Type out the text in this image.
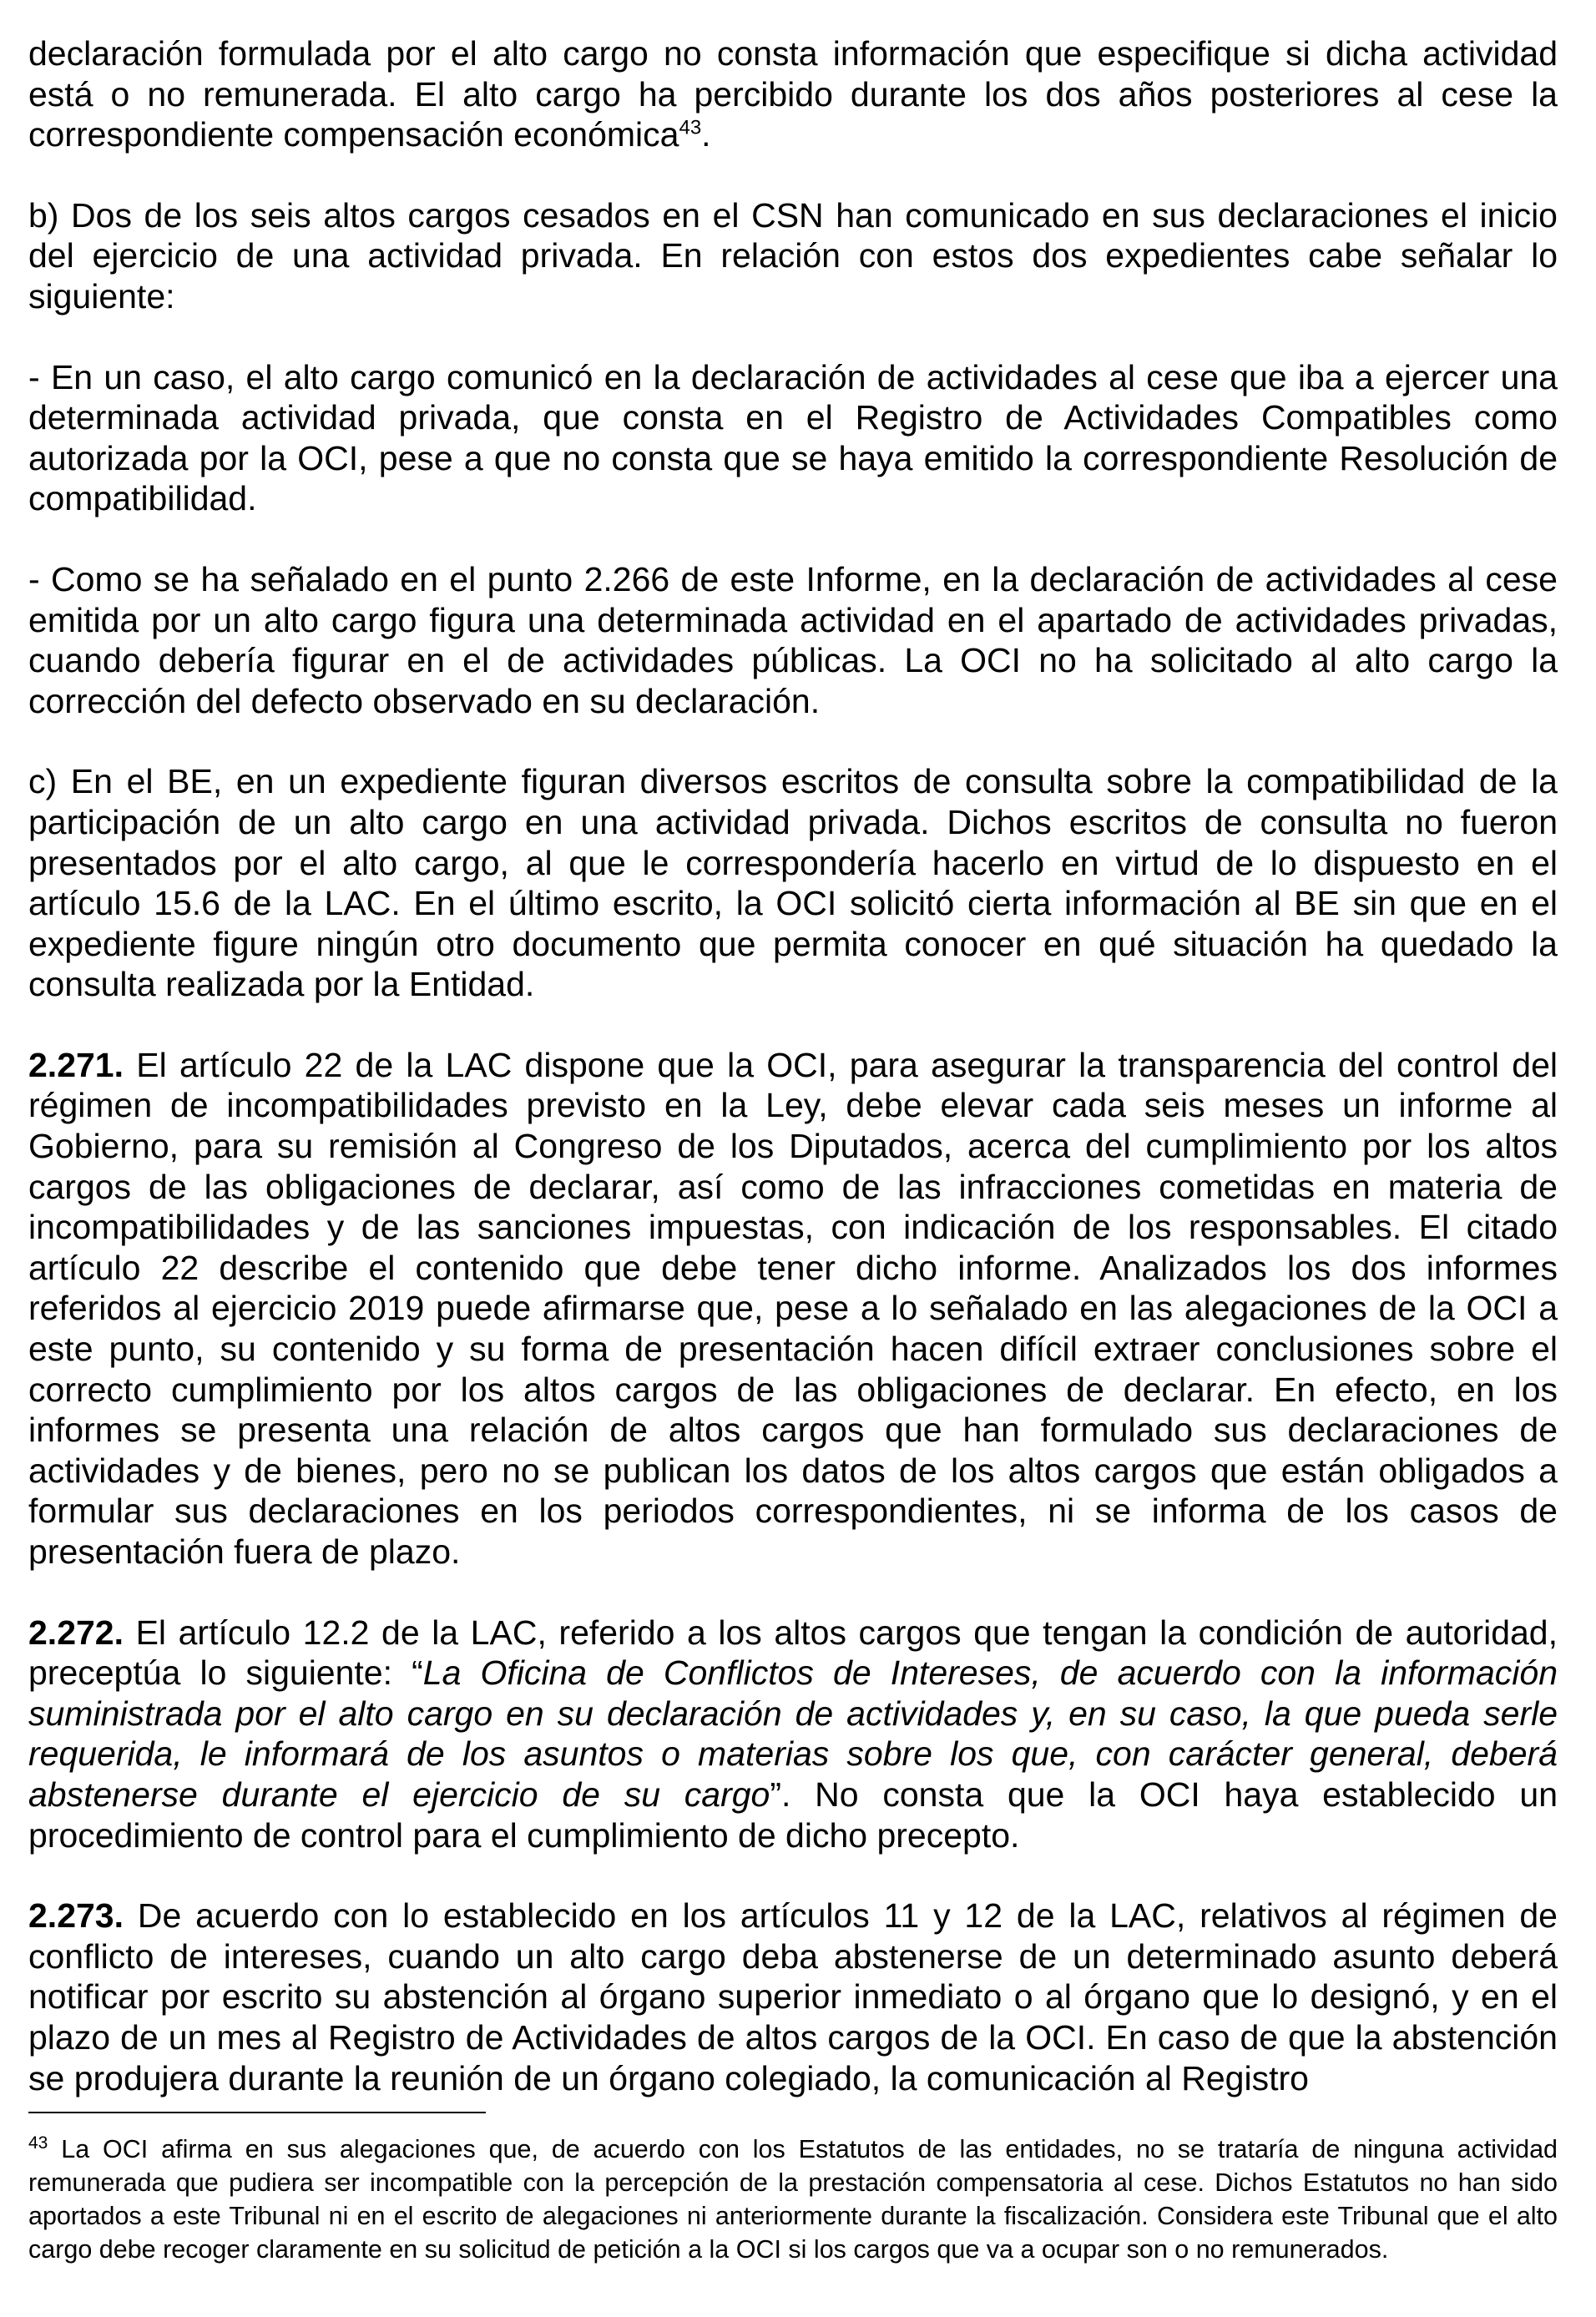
declaración formulada por el alto cargo no consta información que especifique si dicha actividad está o no remunerada. El alto cargo ha percibido durante los dos años posteriores al cese la correspondiente compensación económica$^{43}$.

b) Dos de los seis altos cargos cesados en el CSN han comunicado en sus declaraciones el inicio del ejercicio de una actividad privada. En relación con estos dos expedientes cabe señalar lo siguiente:

- En un caso, el alto cargo comunicó en la declaración de actividades al cese que iba a ejercer una determinada actividad privada, que consta en el Registro de Actividades Compatibles como autorizada por la OCI, pese a que no consta que se haya emitido la correspondiente Resolución de compatibilidad.

- Como se ha señalado en el punto 2.266 de este Informe, en la declaración de actividades al cese emitida por un alto cargo figura una determinada actividad en el apartado de actividades privadas, cuando debería figurar en el de actividades públicas. La OCI no ha solicitado al alto cargo la corrección del defecto observado en su declaración.

c) En el BE, en un expediente figuran diversos escritos de consulta sobre la compatibilidad de la participación de un alto cargo en una actividad privada. Dichos escritos de consulta no fueron presentados por el alto cargo, al que le correspondería hacerlo en virtud de lo dispuesto en el artículo 15.6 de la LAC. En el último escrito, la OCI solicitó cierta información al BE sin que en el expediente figure ningún otro documento que permita conocer en qué situación ha quedado la consulta realizada por la Entidad.

2.271. El artículo 22 de la LAC dispone que la OCI, para asegurar la transparencia del control del régimen de incompatibilidades previsto en la Ley, debe elevar cada seis meses un informe al Gobierno, para su remisión al Congreso de los Diputados, acerca del cumplimiento por los altos cargos de las obligaciones de declarar, así como de las infracciones cometidas en materia de incompatibilidades y de las sanciones impuestas, con indicación de los responsables. El citado artículo 22 describe el contenido que debe tener dicho informe. Analizados los dos informes referidos al ejercicio 2019 puede afirmarse que, pese a lo señalado en las alegaciones de la OCI a este punto, su contenido y su forma de presentación hacen difícil extraer conclusiones sobre el correcto cumplimiento por los altos cargos de las obligaciones de declarar. En efecto, en los informes se presenta una relación de altos cargos que han formulado sus declaraciones de actividades y de bienes, pero no se publican los datos de los altos cargos que están obligados a formular sus declaraciones en los periodos correspondientes, ni se informa de los casos de presentación fuera de plazo.

2.272. El artículo 12.2 de la LAC, referido a los altos cargos que tengan la condición de autoridad, preceptúa lo siguiente: “La Oficina de Conflictos de Intereses, de acuerdo con la información suministrada por el alto cargo en su declaración de actividades y, en su caso, la que pueda serle requerida, le informará de los asuntos o materias sobre los que, con carácter general, deberá abstenerse durante el ejercicio de su cargo”. No consta que la OCI haya establecido un procedimiento de control para el cumplimiento de dicho precepto.

2.273. De acuerdo con lo establecido en los artículos 11 y 12 de la LAC, relativos al régimen de conflicto de intereses, cuando un alto cargo deba abstenerse de un determinado asunto deberá notificar por escrito su abstención al órgano superior inmediato o al órgano que lo designó, y en el plazo de un mes al Registro de Actividades de altos cargos de la OCI. En caso de que la abstención se produjera durante la reunión de un órgano colegiado, la comunicación al Registro

$^{43}$ La OCI afirma en sus alegaciones que, de acuerdo con los Estatutos de las entidades, no se trataría de ninguna actividad remunerada que pudiera ser incompatible con la percepción de la prestación compensatoria al cese. Dichos Estatutos no han sido aportados a este Tribunal ni en el escrito de alegaciones ni anteriormente durante la fiscalización. Considera este Tribunal que el alto cargo debe recoger claramente en su solicitud de petición a la OCI si los cargos que va a ocupar son o no remunerados.
